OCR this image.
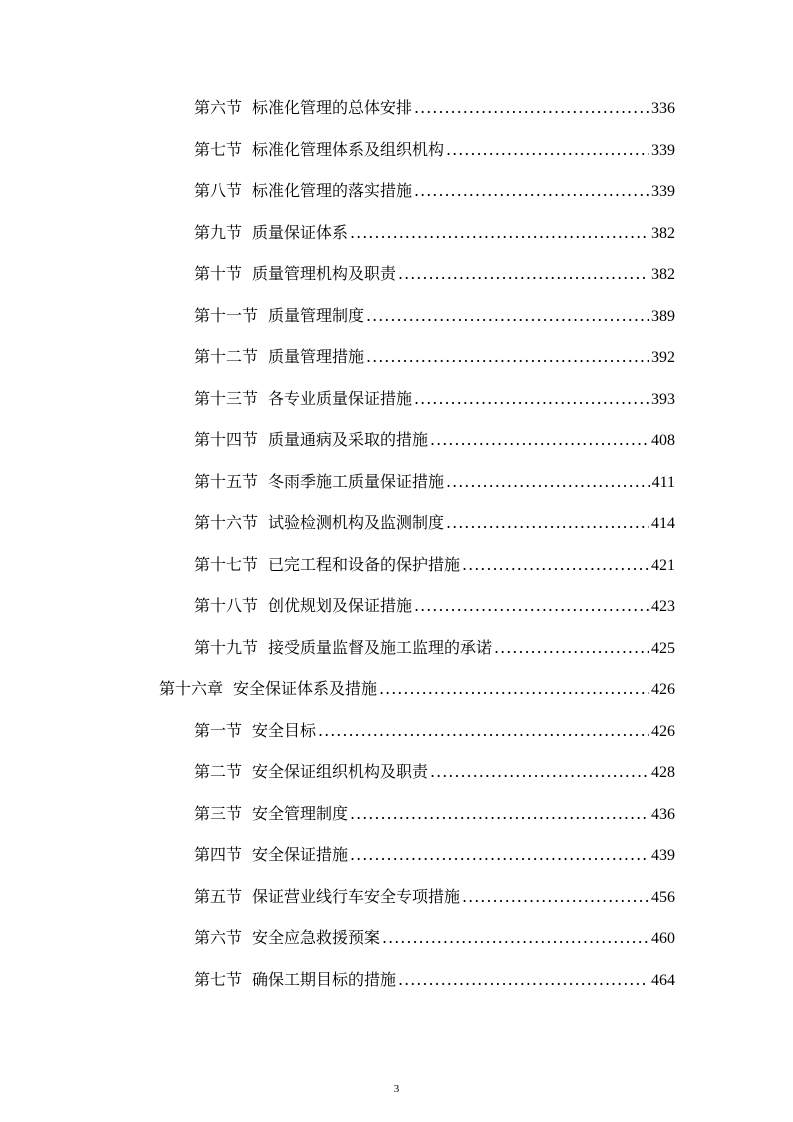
第六节 标准化管理的总体安排 .....	336
第七节 标准化管理体系及组织机构 .....	339
第八节 标准化管理的落实措施 .....	339
第九节 质量保证体系 .....	382
第十节 质量管理机构及职责 .....	382
第十一节 质量管理制度 .....	389
第十二节 质量管理措施 .....	392
第十三节 各专业质量保证措施 .....	393
第十四节 质量通病及采取的措施 .....	408
第十五节 冬雨季施工质量保证措施 .....	411
第十六节 试验检测机构及监测制度 .....	414
第十七节 已完工程和设备的保护措施 .....	421
第十八节 创优规划及保证措施 .....	423
第十九节 接受质量监督及施工监理的承诺 .....	425
第十六章 安全保证体系及措施 .....	426
第一节 安全目标 .....	426
第二节 安全保证组织机构及职责 .....	428
第三节 安全管理制度 .....	436
第四节 安全保证措施 .....	439
第五节 保证营业线行车安全专项措施 .....	456
第六节 安全应急救援预案 .....	460
第七节 确保工期目标的措施 .....	464
3
